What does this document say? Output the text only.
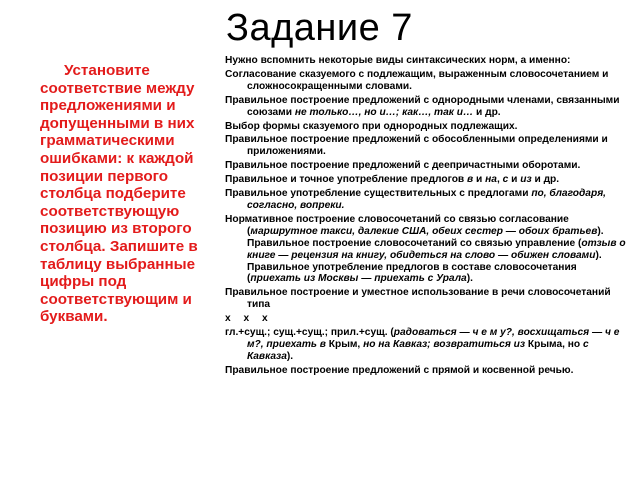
Задание 7
Установите соответствие между предложениями и допущенными в них грамматическими ошибками: к каждой позиции первого столбца подберите соответствующую позицию из второго столбца. Запишите в таблицу выбранные цифры под соответствующим и буквами.
Нужно вспомнить некоторые виды синтаксических норм, а именно:
Согласование сказуемого с подлежащим, выраженным словосочетанием и сложносокращенными словами.
Правильное построение предложений с однородными членами, связанными союзами не только…, но и…; как…, так и… и др.
Выбор формы сказуемого при однородных подлежащих.
Правильное построение предложений с обособленными определениями и приложениями.
Правильное построение предложений с деепричастными оборотами.
Правильное и точное употребление предлогов в и на, с и из и др.
Правильное употребление существительных с предлогами по, благодаря, согласно, вопреки.
Нормативное построение словосочетаний со связью согласование (маршрутное такси, далекие США, обеих сестер — обоих братьев). Правильное построение словосочетаний со связью управление (отзыв о книге — рецензия на книгу, обидеться на слово — обижен словами). Правильное употребление предлогов в составе словосочетания (приехать из Москвы — приехать с Урала).
Правильное построение и уместное использование в речи словосочетаний типа
x x x
гл.+сущ.; сущ.+сущ.; прил.+сущ. (радоваться — ч е м у?, восхищаться — ч е м?, приехать в Крым, но на Кавказ; возвратиться из Крыма, но с Кавказа).
Правильное построение предложений с прямой и косвенной речью.
